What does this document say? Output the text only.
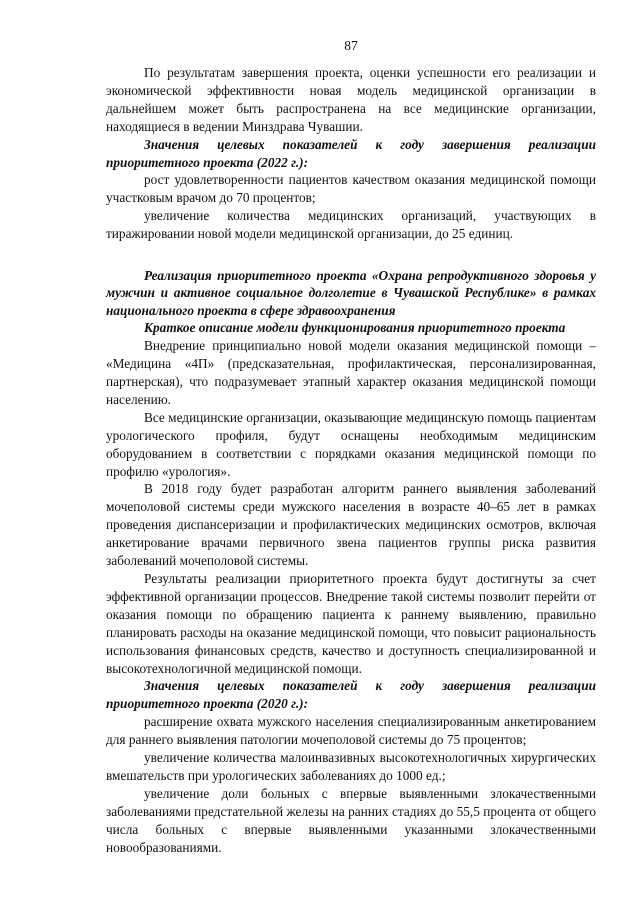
87

По результатам завершения проекта, оценки успешности его реализации и экономической эффективности новая модель медицинской организации в дальнейшем может быть распространена на все медицинские организации, находящиеся в ведении Минздрава Чувашии.

Значения целевых показателей к году завершения реализации приоритетного проекта (2022 г.):

рост удовлетворенности пациентов качеством оказания медицинской помощи участковым врачом до 70 процентов;

увеличение количества медицинских организаций, участвующих в тиражировании новой модели медицинской организации, до 25 единиц.

Реализация приоритетного проекта «Охрана репродуктивного здоровья у мужчин и активное социальное долголетие в Чувашской Республике» в рамках национального проекта в сфере здравоохранения

Краткое описание модели функционирования приоритетного проекта

Внедрение принципиально новой модели оказания медицинской помощи – «Медицина «4П» (предсказательная, профилактическая, персонализированная, партнерская), что подразумевает этапный характер оказания медицинской помощи населению.

Все медицинские организации, оказывающие медицинскую помощь пациентам урологического профиля, будут оснащены необходимым медицинским оборудованием в соответствии с порядками оказания медицинской помощи по профилю «урология».

В 2018 году будет разработан алгоритм раннего выявления заболеваний мочеполовой системы среди мужского населения в возрасте 40–65 лет в рамках проведения диспансеризации и профилактических медицинских осмотров, включая анкетирование врачами первичного звена пациентов группы риска развития заболеваний мочеполовой системы.

Результаты реализации приоритетного проекта будут достигнуты за счет эффективной организации процессов. Внедрение такой системы позволит перейти от оказания помощи по обращению пациента к раннему выявлению, правильно планировать расходы на оказание медицинской помощи, что повысит рациональность использования финансовых средств, качество и доступность специализированной и высокотехнологичной медицинской помощи.

Значения целевых показателей к году завершения реализации приоритетного проекта (2020 г.):

расширение охвата мужского населения специализированным анкетированием для раннего выявления патологии мочеполовой системы до 75 процентов;

увеличение количества малоинвазивных высокотехнологичных хирургических вмешательств при урологических заболеваниях до 1000 ед.;

увеличение доли больных с впервые выявленными злокачественными заболеваниями предстательной железы на ранних стадиях до 55,5 процента от общего числа больных с впервые выявленными указанными злокачественными новообразованиями.
